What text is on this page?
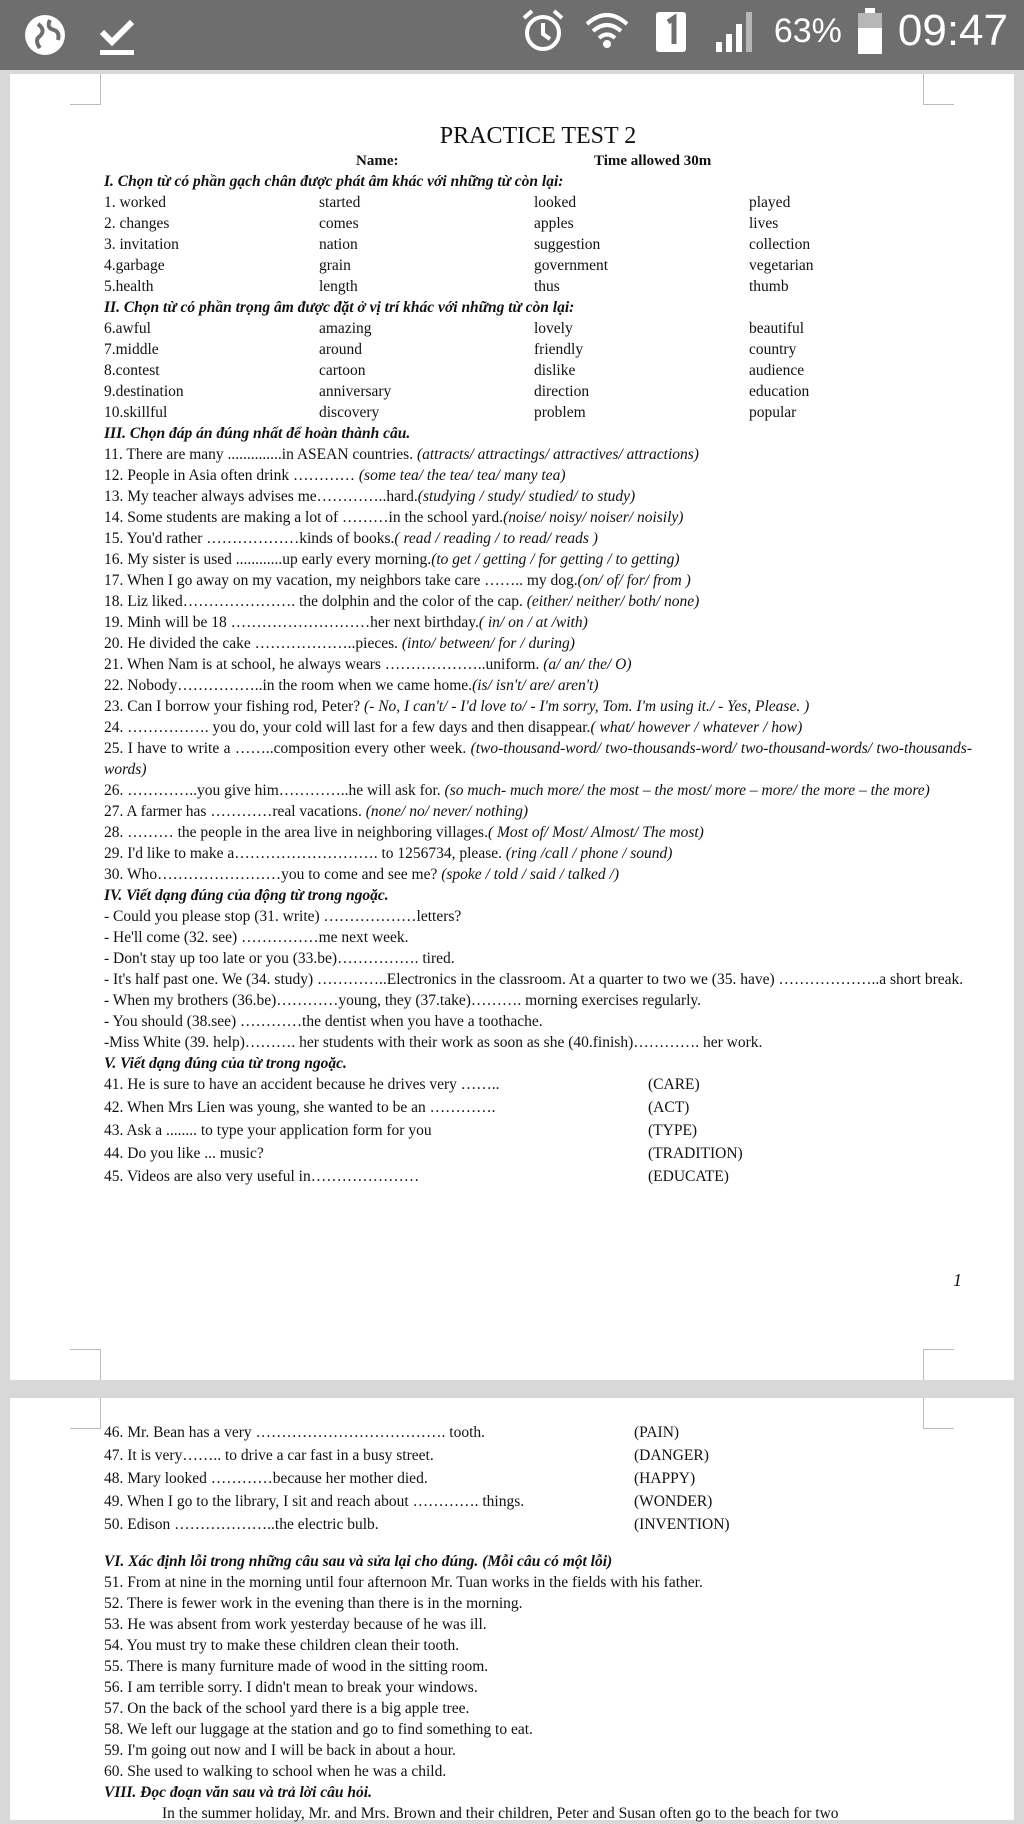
63% 09:47
PRACTICE TEST 2
Name:	Time allowed 30m
I. Chọn từ có phần gạch chân được phát âm khác với những từ còn lại:
1. worked	started	looked	played
2. changes	comes	apples	lives
3. invitation	nation	suggestion	collection
4.garbage	grain	government	vegetarian
5.health	length	thus	thumb
II. Chọn từ có phần trọng âm được đặt ở vị trí khác với những từ còn lại:
6.awful	amazing	lovely	beautiful
7.middle	around	friendly	country
8.contest	cartoon	dislike	audience
9.destination	anniversary	direction	education
10.skillful	discovery	problem	popular
III. Chọn đáp án đúng nhất để hoàn thành câu.
11. There are many ..............in ASEAN countries. (attracts/ attractings/ attractives/ attractions)
12. People in Asia often drink ………… (some tea/ the tea/ tea/ many tea)
13. My teacher always advises me…………..hard.(studying / study/ studied/ to study)
14. Some students are making a lot of ………in the school yard.(noise/ noisy/ noiser/ noisily)
15. You'd rather ………………kinds of books.( read / reading / to read/ reads )
16. My sister is used ............up early every morning.(to get / getting / for getting / to getting)
17. When I go away on my vacation, my neighbors take care …….. my dog.(on/ of/ for/ from )
18. Liz liked…………………. the dolphin and the color of the cap. (either/ neither/ both/ none)
19. Minh will be 18 ………………………her next birthday.( in/ on / at /with)
20. He divided the cake ………………..pieces. (into/ between/ for / during)
21. When Nam is at school, he always wears ………………..uniform. (a/ an/ the/ O)
22. Nobody……………..in the room when we came home.(is/ isn't/ are/ aren't)
23. Can I borrow your fishing rod, Peter? (- No, I can't/ - I'd love to/ - I'm sorry, Tom. I'm using it./ - Yes, Please. )
24. ……………. you do, your cold will last for a few days and then disappear.( what/ however / whatever / how)
25. I have to write a ……..composition every other week. (two-thousand-word/ two-thousands-word/ two-thousand-words/ two-thousands-words)
26. …………..you give him…………..he will ask for. (so much- much more/ the most – the most/ more – more/ the more – the more)
27. A farmer has …………real vacations. (none/ no/ never/ nothing)
28. ……… the people in the area live in neighboring villages.( Most of/ Most/ Almost/ The most)
29. I'd like to make a………………………. to 1256734, please. (ring /call / phone / sound)
30. Who……………………you to come and see me? (spoke / told / said / talked /)
IV. Viết dạng đúng của động từ trong ngoặc.
- Could you please stop (31. write) ………………letters?
- He'll come (32. see) ……………me next week.
- Don't stay up too late or you (33.be)……………. tired.
- It's half past one. We (34. study) …………..Electronics in the classroom. At a quarter to two we (35. have) ………………..a short break.
- When my brothers (36.be)…………young, they (37.take)………. morning exercises regularly.
- You should (38.see) …………the dentist when you have a toothache.
-Miss White (39. help)………. her students with their work as soon as she (40.finish)…………. her work.
V. Viết dạng đúng của từ trong ngoặc.
41. He is sure to have an accident because he drives very ……..	(CARE)
42. When Mrs Lien was young, she wanted to be an ………….	(ACT)
43. Ask a ........ to type your application form for you	(TYPE)
44. Do you like ... music?	(TRADITION)
45. Videos are also very useful in…………………	(EDUCATE)
1
46. Mr. Bean has a very ………………………………. tooth.	(PAIN)
47. It is very…….. to drive a car fast in a busy street.	(DANGER)
48. Mary looked …………because her mother died.	(HAPPY)
49. When I go to the library, I sit and reach about …………. things.	(WONDER)
50. Edison ………………..the electric bulb.	(INVENTION)
VI. Xác định lỗi trong những câu sau và sửa lại cho đúng. (Mỗi câu có một lỗi)
51. From at nine in the morning until four afternoon Mr. Tuan works in the fields with his father.
52. There is fewer work in the evening than there is in the morning.
53. He was absent from work yesterday because of he was ill.
54. You must try to make these children clean their tooth.
55. There is many furniture made of wood in the sitting room.
56. I am terrible sorry. I didn't mean to break your windows.
57. On the back of the school yard there is a big apple tree.
58. We left our luggage at the station and go to find something to eat.
59. I'm going out now and I will be back in about a hour.
60. She used to walking to school when he was a child.
VIII. Đọc đoạn văn sau và trả lời câu hỏi.
In the summer holiday, Mr. and Mrs. Brown and their children, Peter and Susan often go to the beach for two
